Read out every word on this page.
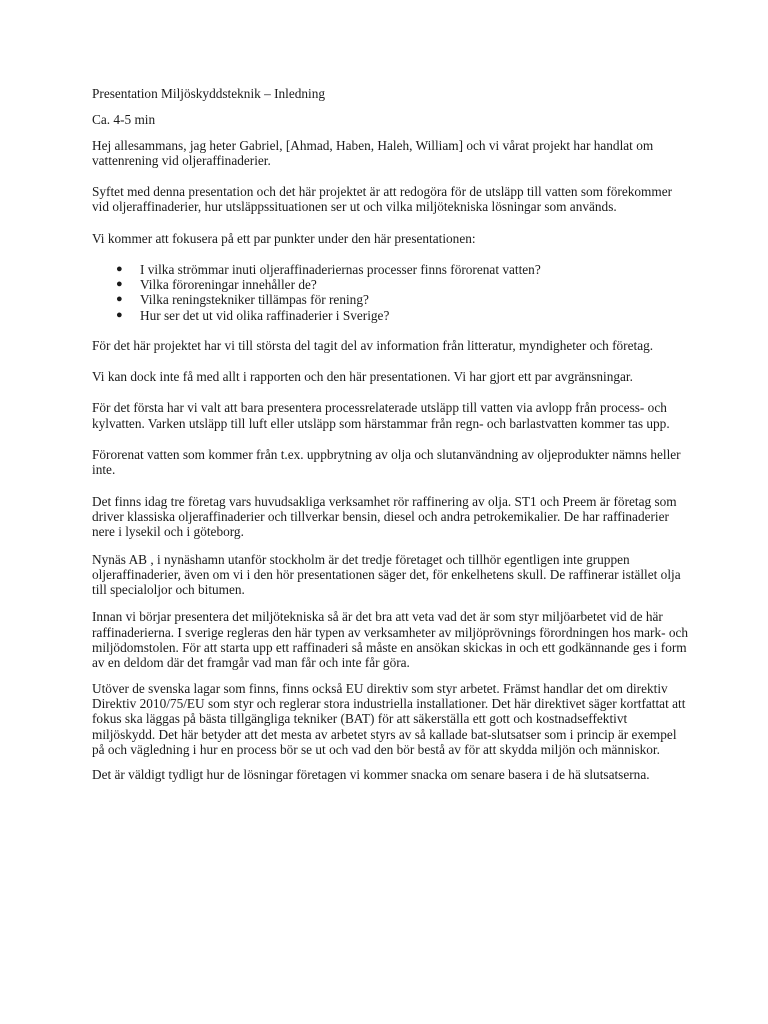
Presentation Miljöskyddsteknik – Inledning

Ca. 4-5 min

Hej allesammans, jag heter Gabriel, [Ahmad, Haben, Haleh, William] och vi vårat projekt har handlat om vattenrening vid oljeraffinaderier.

Syftet med denna presentation och det här projektet är att redogöra för de utsläpp till vatten som förekommer vid oljeraffinaderier, hur utsläppssituationen ser ut och vilka miljötekniska lösningar som används.

Vi kommer att fokusera på ett par punkter under den här presentationen:

● I vilka strömmar inuti oljeraffinaderiernas processer finns förorenat vatten?
● Vilka föroreningar innehåller de?
● Vilka reningstekniker tillämpas för rening?
● Hur ser det ut vid olika raffinaderier i Sverige?

För det här projektet har vi till största del tagit del av information från litteratur, myndigheter och företag.

Vi kan dock inte få med allt i rapporten och den här presentationen. Vi har gjort ett par avgränsningar.

För det första har vi valt att bara presentera processrelaterade utsläpp till vatten via avlopp från process- och kylvatten. Varken utsläpp till luft eller utsläpp som härstammar från regn- och barlastvatten kommer tas upp.

Förorenat vatten som kommer från t.ex. uppbrytning av olja och slutanvändning av oljeprodukter nämns heller inte.

Det finns idag tre företag vars huvudsakliga verksamhet rör raffinering av olja. ST1 och Preem är företag som driver klassiska oljeraffinaderier och tillverkar bensin, diesel och andra petrokemikalier. De har raffinaderier nere i lysekil och i göteborg.

Nynäs AB , i nynäshamn utanför stockholm är det tredje företaget och tillhör egentligen inte gruppen oljeraffinaderier, även om vi i den hör presentationen säger det, för enkelhetens skull. De raffinerar istället olja till specialoljor och bitumen.

Innan vi börjar presentera det miljötekniska så är det bra att veta vad det är som styr miljöarbetet vid de här raffinaderierna. I sverige regleras den här typen av verksamheter av miljöprövnings förordningen hos mark- och miljödomstolen. För att starta upp ett raffinaderi så måste en ansökan skickas in och ett godkännande ges i form av en deldom där det framgår vad man får och inte får göra.

Utöver de svenska lagar som finns, finns också EU direktiv som styr arbetet. Främst handlar det om direktiv Direktiv 2010/75/EU som styr och reglerar stora industriella installationer. Det här direktivet säger kortfattat att fokus ska läggas på bästa tillgängliga tekniker (BAT) för att säkerställa ett gott och kostnadseffektivt miljöskydd. Det här betyder att det mesta av arbetet styrs av så kallade bat-slutsatser som i princip är exempel på och vägledning i hur en process bör se ut och vad den bör bestå av för att skydda miljön och människor.

Det är väldigt tydligt hur de lösningar företagen vi kommer snacka om senare basera i de hä slutsatserna.
